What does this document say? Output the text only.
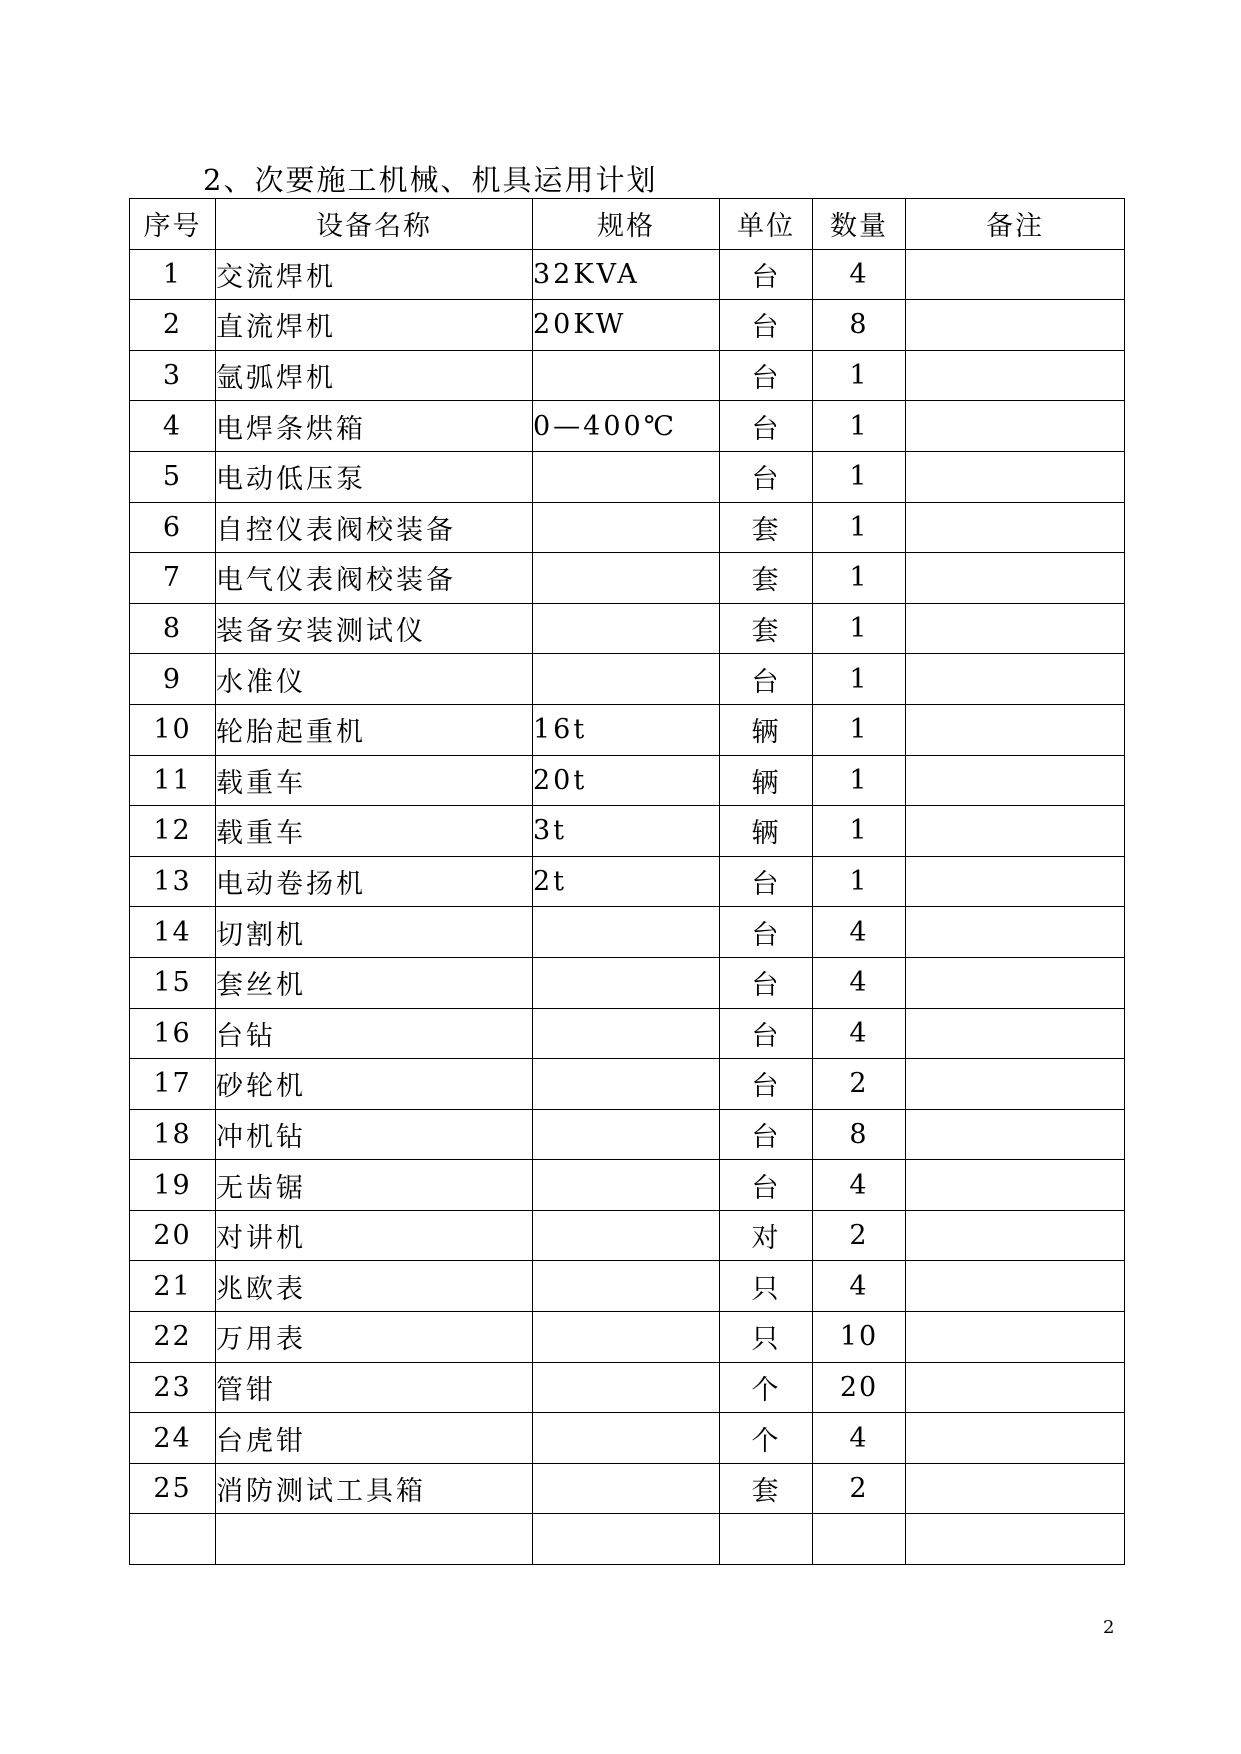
2、次要施工机械、机具运用计划
序号	设备名称	规格	单位	数量	备注
1	交流焊机	32KVA	台	4	
2	直流焊机	20KW	台	8	
3	氩弧焊机		台	1	
4	电焊条烘箱	0—400℃	台	1	
5	电动低压泵		台	1	
6	自控仪表阀校装备		套	1	
7	电气仪表阀校装备		套	1	
8	装备安装测试仪		套	1	
9	水准仪		台	1	
10	轮胎起重机	16t	辆	1	
11	载重车	20t	辆	1	
12	载重车	3t	辆	1	
13	电动卷扬机	2t	台	1	
14	切割机		台	4	
15	套丝机		台	4	
16	台钻		台	4	
17	砂轮机		台	2	
18	冲机钻		台	8	
19	无齿锯		台	4	
20	对讲机		对	2	
21	兆欧表		只	4	
22	万用表		只	10	
23	管钳		个	20	
24	台虎钳		个	4	
25	消防测试工具箱		套	2	

2
